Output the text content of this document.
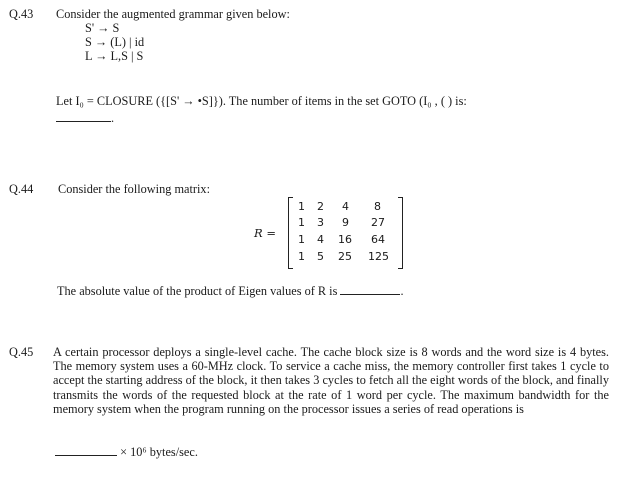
Q.43 Consider the augmented grammar given below:
S' → S
S → (L) | id
L → L,S | S
Let I₀ = CLOSURE ({[S' → •S]}). The number of items in the set GOTO (I₀ , ( ) is:
.
Q.44 Consider the following matrix:
R =
1	2	4	8
1	3	9	27
1	4	16	64
1	5	25 125
The absolute value of the product of Eigen values of R is	.
Q.45 A certain processor deploys a single-level cache. The cache block size is 8 words and the word size is 4 bytes. The memory system uses a 60-MHz clock. To service a cache miss, the memory controller first takes 1 cycle to accept the starting address of the block, it then takes 3 cycles to fetch all the eight words of the block, and finally transmits the words of the requested block at the rate of 1 word per cycle. The maximum bandwidth for the memory system when the program running on the processor issues a series of read operations is
× 10⁶ bytes/sec.
